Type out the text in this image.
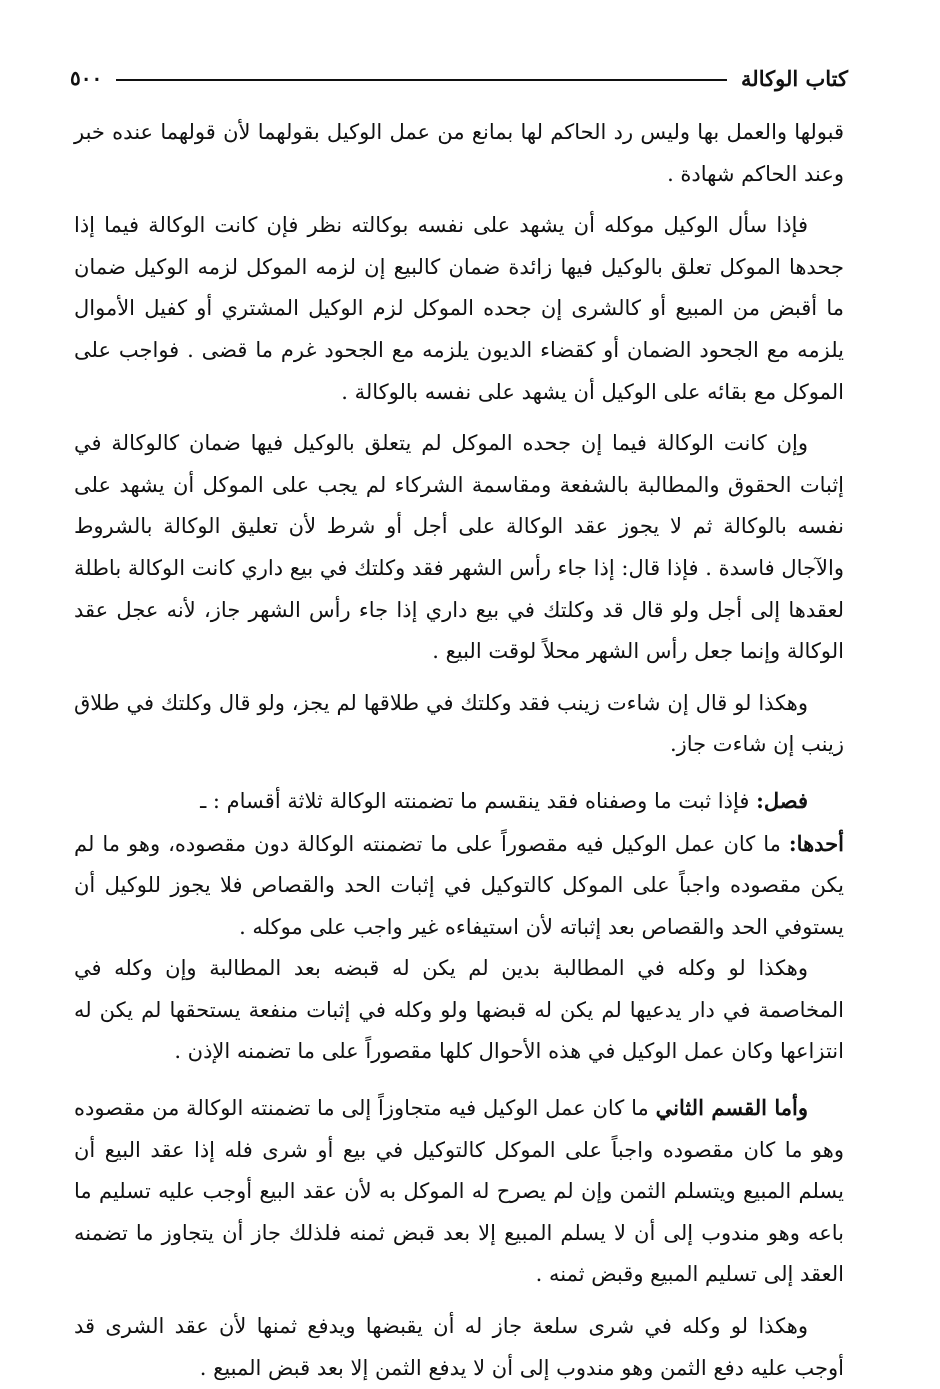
كتاب الوكالة
٥٠٠

قبولها والعمل بها وليس رد الحاكم لها بمانع من عمل الوكيل بقولهما لأن قولهما عنده خبر وعند الحاكم شهادة .

فإذا سأل الوكيل موكله أن يشهد على نفسه بوكالته نظر فإن كانت الوكالة فيما إذا جحدها الموكل تعلق بالوكيل فيها زائدة ضمان كالبيع إن لزمه الموكل لزمه الوكيل ضمان ما أقبض من المبيع أو كالشرى إن جحده الموكل لزم الوكيل المشتري أو كفيل الأموال يلزمه مع الجحود الضمان أو كقضاء الديون يلزمه مع الجحود غرم ما قضى . فواجب على الموكل مع بقائه على الوكيل أن يشهد على نفسه بالوكالة .

وإن كانت الوكالة فيما إن جحده الموكل لم يتعلق بالوكيل فيها ضمان كالوكالة في إثبات الحقوق والمطالبة بالشفعة ومقاسمة الشركاء لم يجب على الموكل أن يشهد على نفسه بالوكالة ثم لا يجوز عقد الوكالة على أجل أو شرط لأن تعليق الوكالة بالشروط والآجال فاسدة . فإذا قال: إذا جاء رأس الشهر فقد وكلتك في بيع داري كانت الوكالة باطلة لعقدها إلى أجل ولو قال قد وكلتك في بيع داري إذا جاء رأس الشهر جاز، لأنه عجل عقد الوكالة وإنما جعل رأس الشهر محلاً لوقت البيع .

وهكذا لو قال إن شاءت زينب فقد وكلتك في طلاقها لم يجز، ولو قال وكلتك في طلاق زينب إن شاءت جاز.

فصل: فإذا ثبت ما وصفناه فقد ينقسم ما تضمنته الوكالة ثلاثة أقسام : ـ

أحدها: ما كان عمل الوكيل فيه مقصوراً على ما تضمنته الوكالة دون مقصوده، وهو ما لم يكن مقصوده واجباً على الموكل كالتوكيل في إثبات الحد والقصاص فلا يجوز للوكيل أن يستوفي الحد والقصاص بعد إثباته لأن استيفاءه غير واجب على موكله .

وهكذا لو وكله في المطالبة بدين لم يكن له قبضه بعد المطالبة وإن وكله في المخاصمة في دار يدعيها لم يكن له قبضها ولو وكله في إثبات منفعة يستحقها لم يكن له انتزاعها وكان عمل الوكيل في هذه الأحوال كلها مقصوراً على ما تضمنه الإذن .

وأما القسم الثاني ما كان عمل الوكيل فيه متجاوزاً إلى ما تضمنته الوكالة من مقصوده وهو ما كان مقصوده واجباً على الموكل كالتوكيل في بيع أو شرى فله إذا عقد البيع أن يسلم المبيع ويتسلم الثمن وإن لم يصرح له الموكل به لأن عقد البيع أوجب عليه تسليم ما باعه وهو مندوب إلى أن لا يسلم المبيع إلا بعد قبض ثمنه فلذلك جاز أن يتجاوز ما تضمنه العقد إلى تسليم المبيع وقبض ثمنه .

وهكذا لو وكله في شرى سلعة جاز له أن يقبضها ويدفع ثمنها لأن عقد الشرى قد أوجب عليه دفع الثمن وهو مندوب إلى أن لا يدفع الثمن إلا بعد قبض المبيع .
